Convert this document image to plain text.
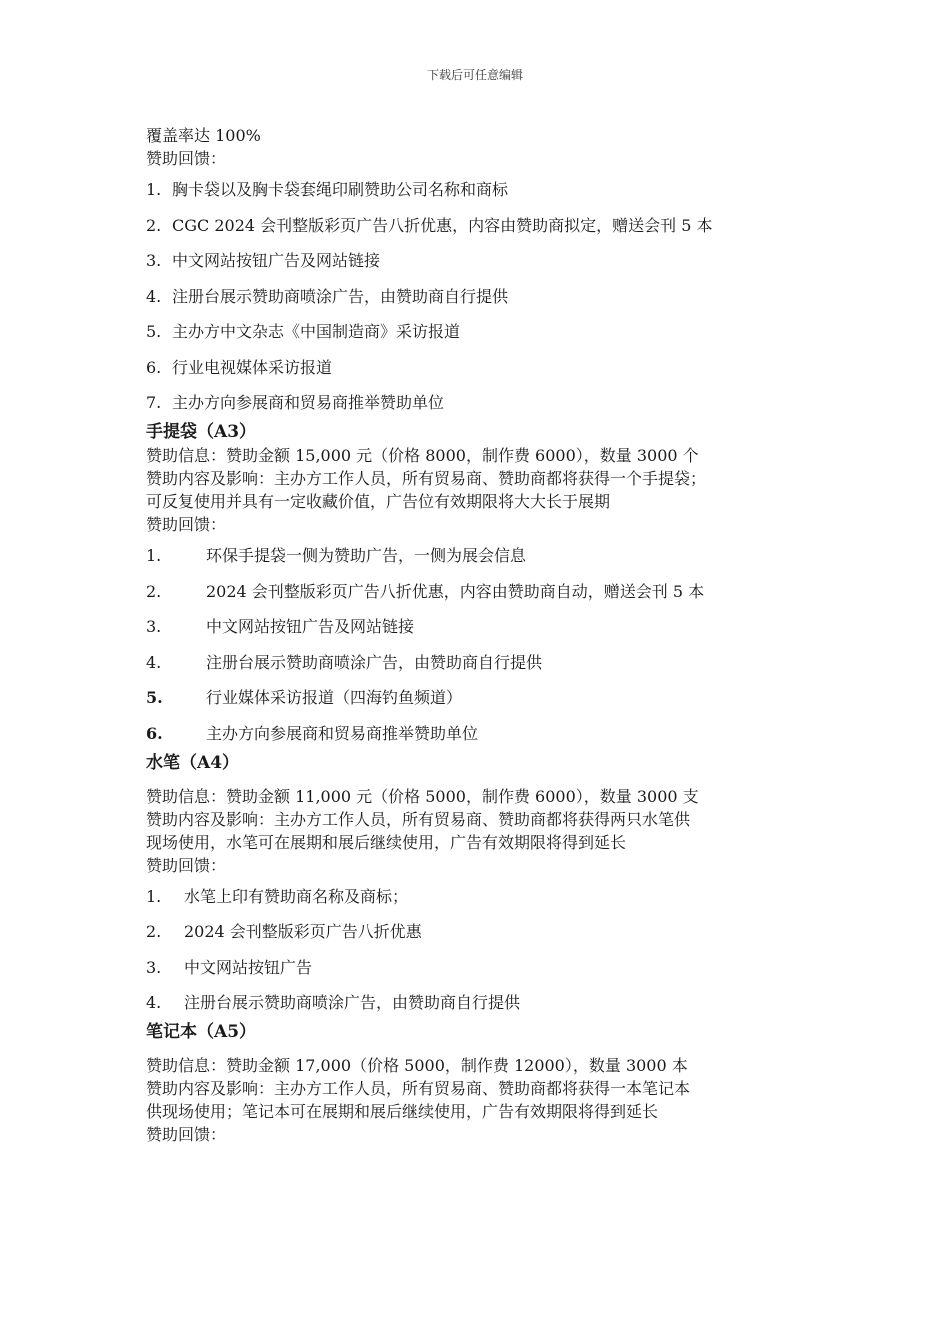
下载后可任意编辑
覆盖率达 100%
赞助回馈：
1. 胸卡袋以及胸卡袋套绳印刷赞助公司名称和商标
2. CGC 2024 会刊整版彩页广告八折优惠，内容由赞助商拟定，赠送会刊 5 本
3. 中文网站按钮广告及网站链接
4. 注册台展示赞助商喷涂广告，由赞助商自行提供
5. 主办方中文杂志《中国制造商》采访报道
6. 行业电视媒体采访报道
7. 主办方向参展商和贸易商推举赞助单位
手提袋（A3）
赞助信息：赞助金额 15,000 元（价格 8000，制作费 6000），数量 3000 个
赞助内容及影响：主办方工作人员，所有贸易商、赞助商都将获得一个手提袋；
可反复使用并具有一定收藏价值，广告位有效期限将大大长于展期
赞助回馈：
1.	环保手提袋一侧为赞助广告，一侧为展会信息
2.	2024 会刊整版彩页广告八折优惠，内容由赞助商自动，赠送会刊 5 本
3.	中文网站按钮广告及网站链接
4.	注册台展示赞助商喷涂广告，由赞助商自行提供
5.	行业媒体采访报道（四海钓鱼频道）
6.	主办方向参展商和贸易商推举赞助单位
水笔（A4）
赞助信息：赞助金额 11,000 元（价格 5000，制作费 6000），数量 3000 支
赞助内容及影响：主办方工作人员，所有贸易商、赞助商都将获得两只水笔供
现场使用，水笔可在展期和展后继续使用，广告有效期限将得到延长
赞助回馈：
1.	水笔上印有赞助商名称及商标；
2.	2024 会刊整版彩页广告八折优惠
3.	中文网站按钮广告
4.	注册台展示赞助商喷涂广告，由赞助商自行提供
笔记本（A5）
赞助信息：赞助金额 17,000（价格 5000，制作费 12000），数量 3000 本
赞助内容及影响：主办方工作人员，所有贸易商、赞助商都将获得一本笔记本
供现场使用；笔记本可在展期和展后继续使用，广告有效期限将得到延长
赞助回馈：
